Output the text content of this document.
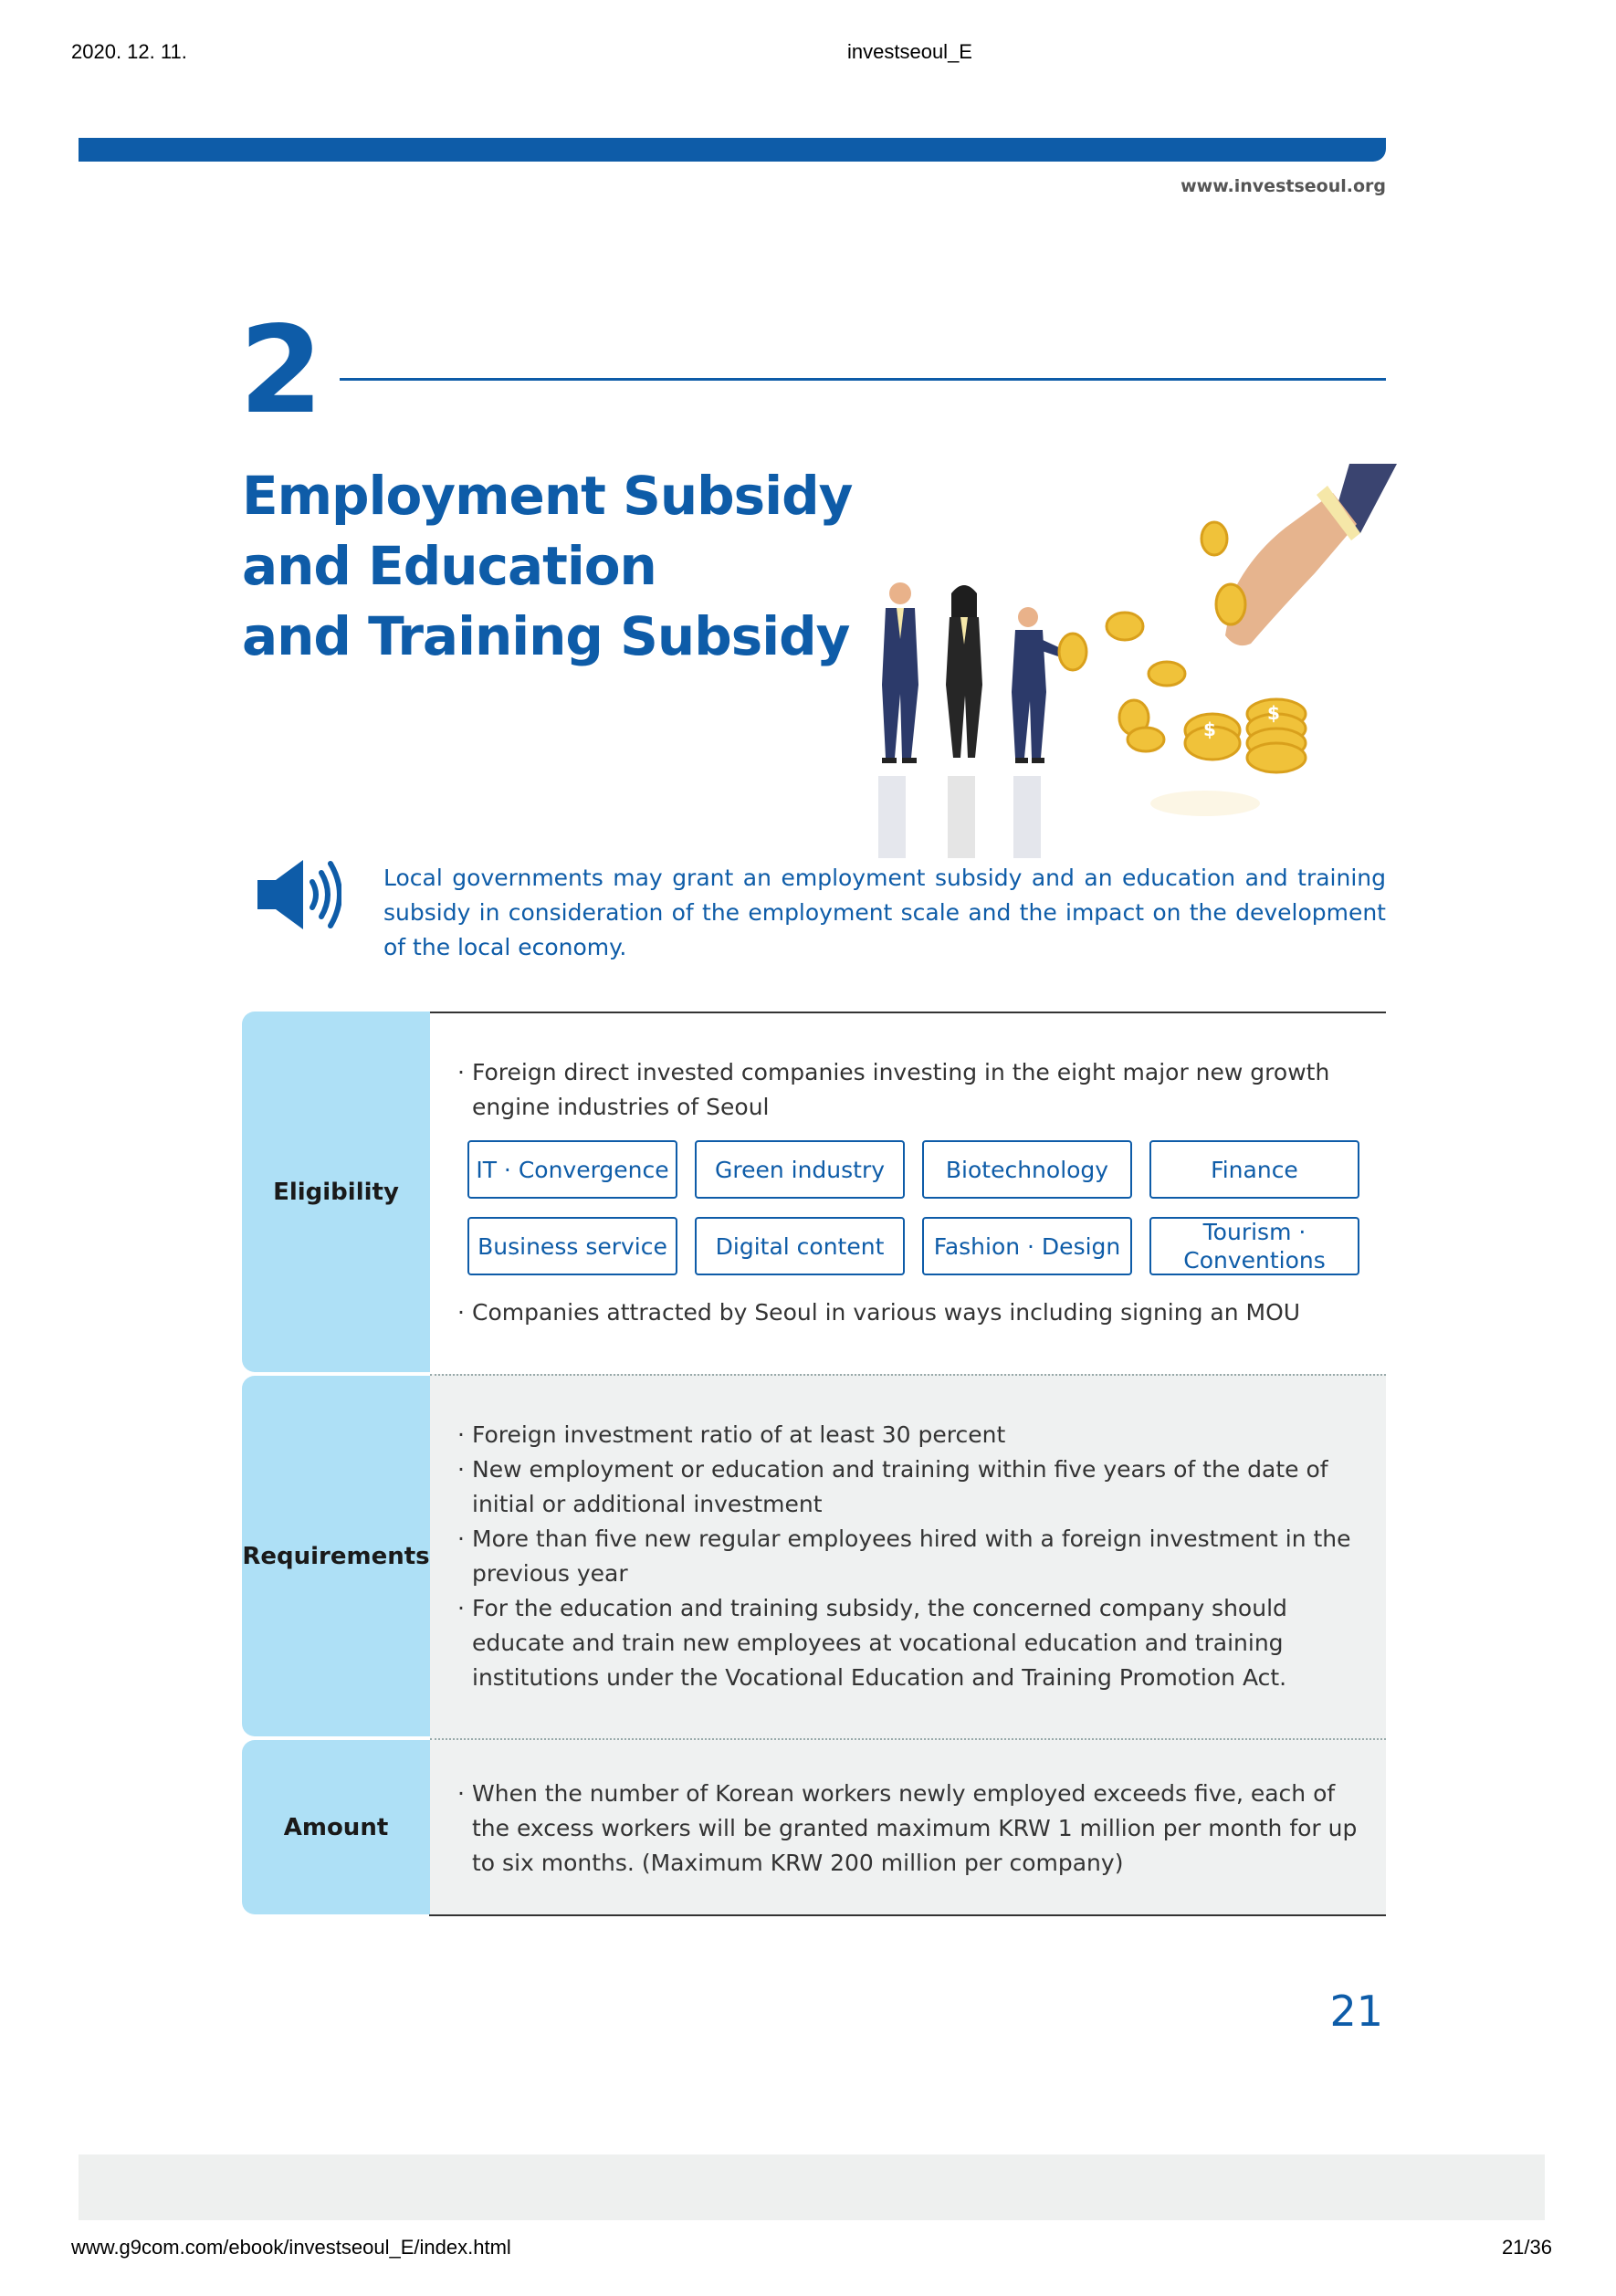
2020. 12. 11.	investseoul_E
www.investseoul.org
2
Employment Subsidy
and Education
and Training Subsidy
$
$
Local governments may grant an employment subsidy and an education and training subsidy in consideration of the employment scale and the impact on the development of the local economy.
Eligibility
· Foreign direct invested companies investing in the eight major new growth engine industries of Seoul
IT · Convergence	Green industry	Biotechnology	Finance
Business service	Digital content	Fashion · Design
Tourism · Conventions
· Companies attracted by Seoul in various ways including signing an MOU
Requirements
· Foreign investment ratio of at least 30 percent
· New employment or education and training within five years of the date of initial or additional investment
· More than five new regular employees hired with a foreign investment in the previous year
· For the education and training subsidy, the concerned company should educate and train new employees at vocational education and training institutions under the Vocational Education and Training Promotion Act.
Amount
· When the number of Korean workers newly employed exceeds five, each of the excess workers will be granted maximum KRW 1 million per month for up to six months. (Maximum KRW 200 million per company)
21
www.g9com.com/ebook/investseoul_E/index.html	21/36
